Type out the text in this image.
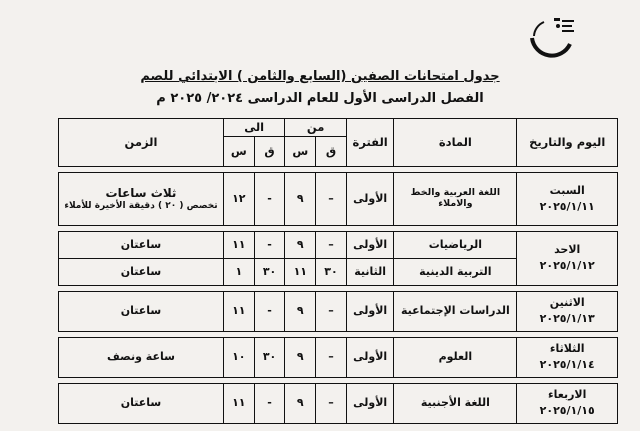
جدول امتحانات الصفين (السابع والثامن ) الابتدائي للصم
الفصل الدراسى الأول للعام الدراسى ٢٠٢٤/ ٢٠٢٥ م
اليوم والتاريخ	المادة	الفترة	من		الى		الزمن
			ق	س	ق	س	

السبت
٢٠٢٥/١/١١	اللغة العربية والخط والاملاء	الأولى	–	٩	-	١٢	ثلاث ساعات
تخصص ( ٢٠ ) دقيقة الأخيرة للأملاء

الاحد
٢٠٢٥/١/١٢	الرياضيات	الأولى	–	٩	-	١١	ساعتان
	التربية الدينية	الثانية	٣٠	١١	٣٠	١	ساعتان

الاثنين
٢٠٢٥/١/١٣	الدراسات الإجتماعية	الأولى	–	٩	-	١١	ساعتان

الثلاثاء
٢٠٢٥/١/١٤	العلوم	الأولى	–	٩	٣٠	١٠	ساعة ونصف

الاربعاء
٢٠٢٥/١/١٥	اللغة الأجنبية	الأولى	–	٩	-	١١	ساعتان
